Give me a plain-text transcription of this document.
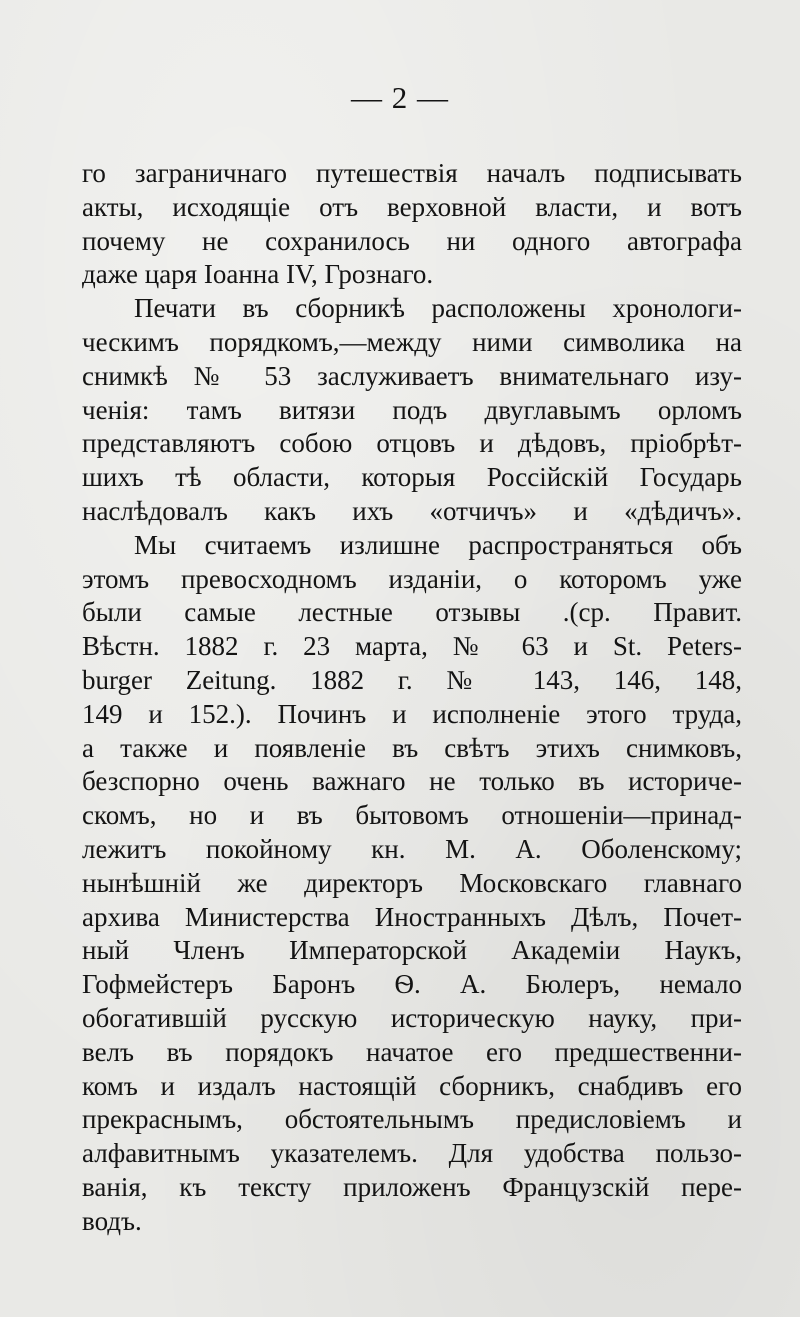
— 2 —
го заграничнаго путешествія началъ подписывать
акты, исходящіе отъ верховной власти, и вотъ
почему не сохранилось ни одного автографа
даже царя Іоанна IV, Грознаго.
Печати въ сборникѣ расположены хронологи-
ческимъ порядкомъ,—между ними символика на
снимкѣ № 53 заслуживаетъ внимательнаго изу-
ченія: тамъ витязи подъ двуглавымъ орломъ
представляютъ собою отцовъ и дѣдовъ, пріобрѣт-
шихъ тѣ области, которыя Россійскій Государь
наслѣдовалъ какъ ихъ «отчичъ» и «дѣдичъ».
Мы считаемъ излишне распространяться объ
этомъ превосходномъ изданіи, о которомъ уже
были самые лестные отзывы .(ср. Правит.
Вѣстн. 1882 г. 23 марта, № 63 и St. Peters-
burger Zeitung. 1882 г. № 143, 146, 148,
149 и 152.). Починъ и исполненіе этого труда,
а также и появленіе въ свѣтъ этихъ снимковъ,
безспорно очень важнаго не только въ историче-
скомъ, но и въ бытовомъ отношеніи—принад-
лежитъ покойному кн. М. А. Оболенскому;
нынѣшній же директоръ Московскаго главнаго
архива Министерства Иностранныхъ Дѣлъ, Почет-
ный Членъ Императорской Академіи Наукъ,
Гофмейстеръ Баронъ Ѳ. А. Бюлеръ, немало
обогатившій русскую историческую науку, при-
велъ въ порядокъ начатое его предшественни-
комъ и издалъ настоящій сборникъ, снабдивъ его
прекраснымъ, обстоятельнымъ предисловіемъ и
алфавитнымъ указателемъ. Для удобства пользо-
ванія, къ тексту приложенъ Французскій пере-
водъ.
